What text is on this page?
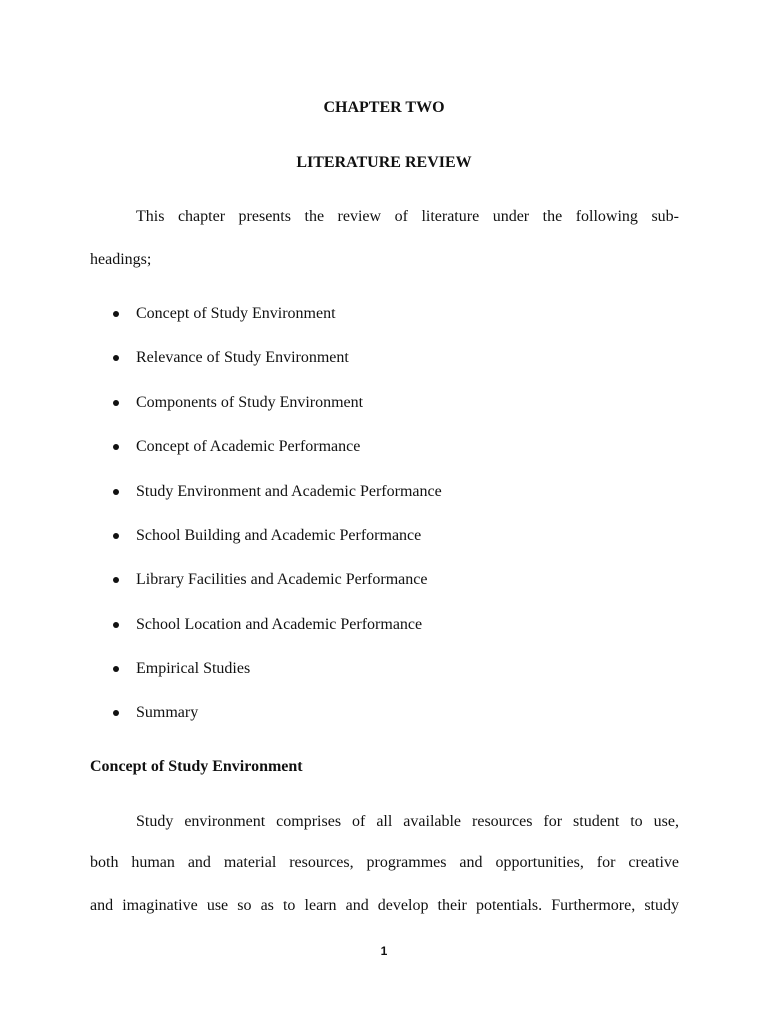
CHAPTER TWO
LITERATURE REVIEW
This chapter presents the review of literature under the following sub-
headings;
Concept of Study Environment
Relevance of Study Environment
Components of Study Environment
Concept of Academic Performance
Study Environment and Academic Performance
School Building and Academic Performance
Library Facilities and Academic Performance
School Location and Academic Performance
Empirical Studies
Summary
Concept of Study Environment
Study environment comprises of all available resources for student to use,
both human and material resources, programmes and opportunities, for creative
and imaginative use so as to learn and develop their potentials. Furthermore, study
1
